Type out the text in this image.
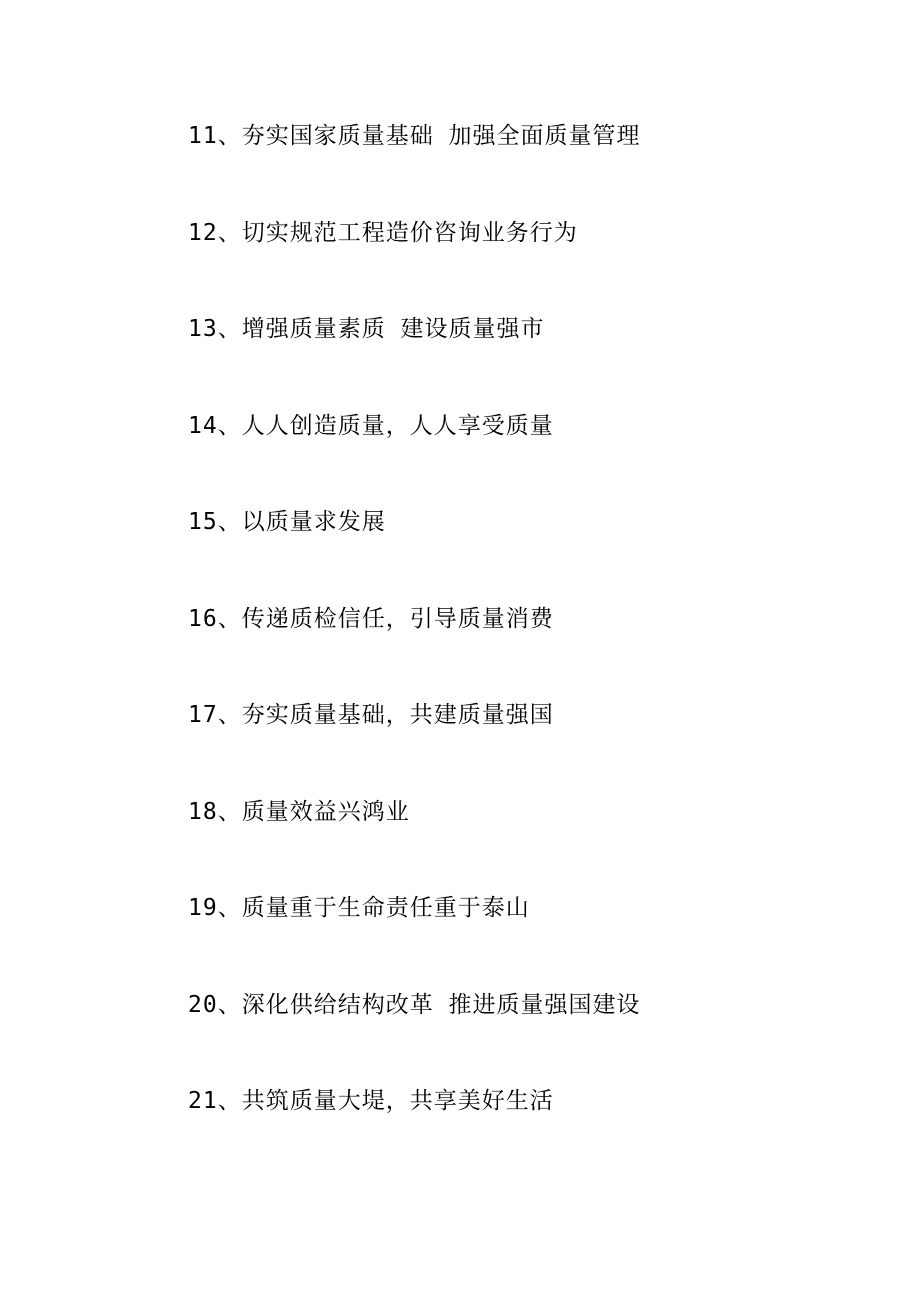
11、夯实国家质量基础 加强全面质量管理
12、切实规范工程造价咨询业务行为
13、增强质量素质 建设质量强市
14、人人创造质量，人人享受质量
15、以质量求发展
16、传递质检信任，引导质量消费
17、夯实质量基础，共建质量强国
18、质量效益兴鸿业
19、质量重于生命责任重于泰山
20、深化供给结构改革 推进质量强国建设
21、共筑质量大堤，共享美好生活
